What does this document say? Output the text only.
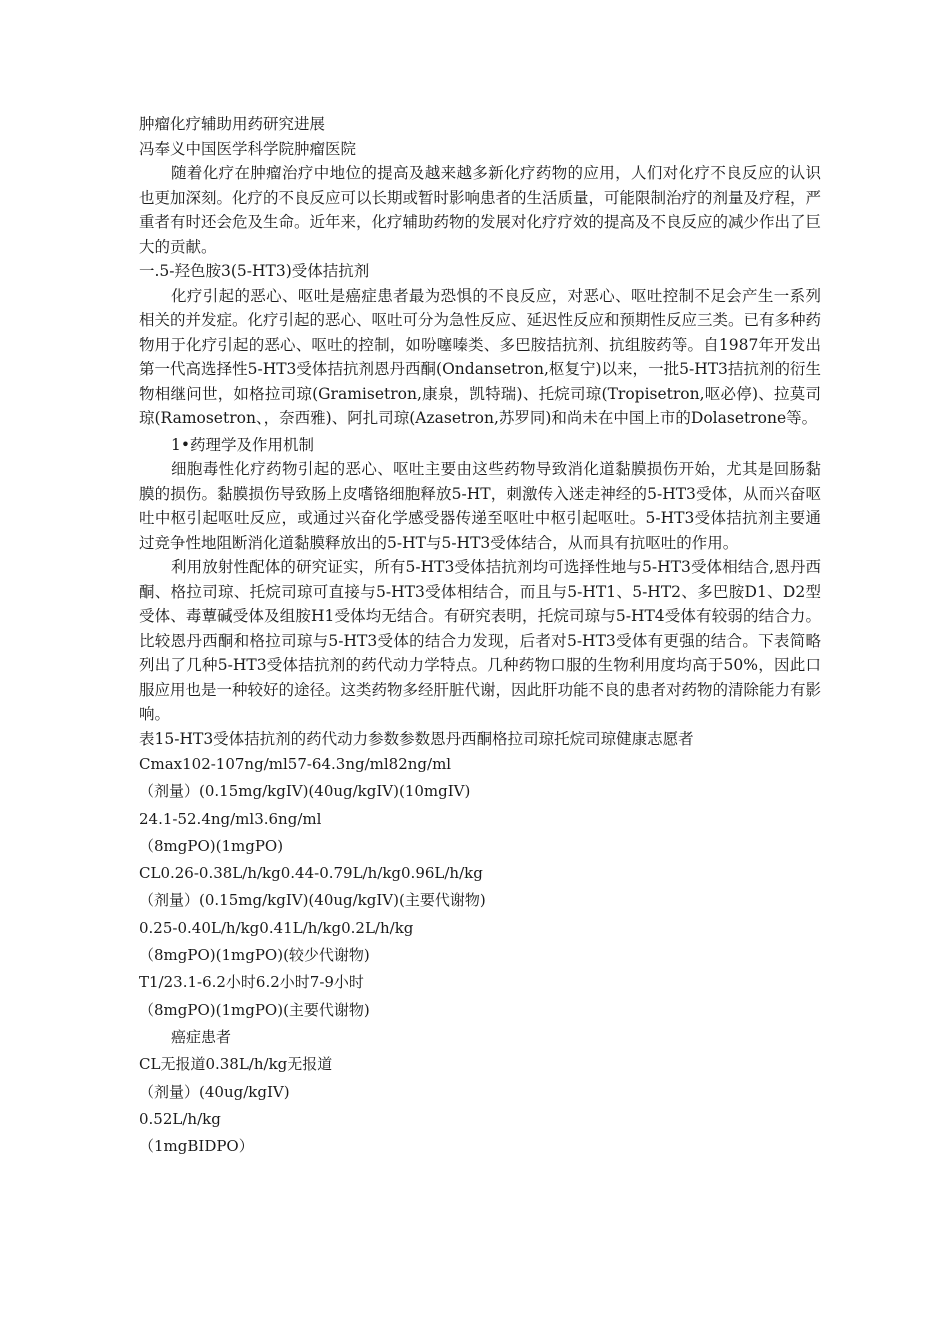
肿瘤化疗辅助用药研究进展
冯奉义中国医学科学院肿瘤医院

随着化疗在肿瘤治疗中地位的提高及越来越多新化疗药物的应用，人们对化疗不良反应的认识也更加深刻。化疗的不良反应可以长期或暂时影响患者的生活质量，可能限制治疗的剂量及疗程，严重者有时还会危及生命。近年来，化疗辅助药物的发展对化疗疗效的提高及不良反应的减少作出了巨大的贡献。

一.5-羟色胺3(5-HT3)受体拮抗剂

化疗引起的恶心、呕吐是癌症患者最为恐惧的不良反应，对恶心、呕吐控制不足会产生一系列相关的并发症。化疗引起的恶心、呕吐可分为急性反应、延迟性反应和预期性反应三类。已有多种药物用于化疗引起的恶心、呕吐的控制，如吩噻嗪类、多巴胺拮抗剂、抗组胺药等。自1987年开发出第一代高选择性5-HT3受体拮抗剂恩丹西酮(Ondansetron,枢复宁)以来，一批5-HT3拮抗剂的衍生物相继问世，如格拉司琼(Gramisetron,康泉，凯特瑞)、托烷司琼(Tropisetron,呕必停)、拉莫司琼(Ramosetron、，奈西雅)、阿扎司琼(Azasetron,苏罗同)和尚未在中国上市的Dolasetrone等。

1•药理学及作用机制

细胞毒性化疗药物引起的恶心、呕吐主要由这些药物导致消化道黏膜损伤开始，尤其是回肠黏膜的损伤。黏膜损伤导致肠上皮嗜铬细胞释放5-HT，刺激传入迷走神经的5-HT3受体，从而兴奋呕吐中枢引起呕吐反应，或通过兴奋化学感受器传递至呕吐中枢引起呕吐。5-HT3受体拮抗剂主要通过竞争性地阻断消化道黏膜释放出的5-HT与5-HT3受体结合，从而具有抗呕吐的作用。

利用放射性配体的研究证实，所有5-HT3受体拮抗剂均可选择性地与5-HT3受体相结合,恩丹西酮、格拉司琼、托烷司琼可直接与5-HT3受体相结合，而且与5-HT1、5-HT2、多巴胺D1、D2型受体、毒蕈碱受体及组胺H1受体均无结合。有研究表明，托烷司琼与5-HT4受体有较弱的结合力。比较恩丹西酮和格拉司琼与5-HT3受体的结合力发现，后者对5-HT3受体有更强的结合。下表简略列出了几种5-HT3受体拮抗剂的药代动力学特点。几种药物口服的生物利用度均高于50%，因此口服应用也是一种较好的途径。这类药物多经肝脏代谢，因此肝功能不良的患者对药物的清除能力有影响。

表15-HT3受体拮抗剂的药代动力参数参数恩丹西酮格拉司琼托烷司琼健康志愿者
Cmax102-107ng/ml57-64.3ng/ml82ng/ml
（剂量）(0.15mg/kgIV)(40ug/kgIV)(10mgIV)
24.1-52.4ng/ml3.6ng/ml
（8mgPO)(1mgPO)
CL0.26-0.38L/h/kg0.44-0.79L/h/kg0.96L/h/kg
（剂量）(0.15mg/kgIV)(40ug/kgIV)(主要代谢物)
0.25-0.40L/h/kg0.41L/h/kg0.2L/h/kg
（8mgPO)(1mgPO)(较少代谢物)
T1/23.1-6.2小时6.2小时7-9小时
（8mgPO)(1mgPO)(主要代谢物)
癌症患者
CL无报道0.38L/h/kg无报道
（剂量）(40ug/kgIV)
0.52L/h/kg
（1mgBIDPO）
